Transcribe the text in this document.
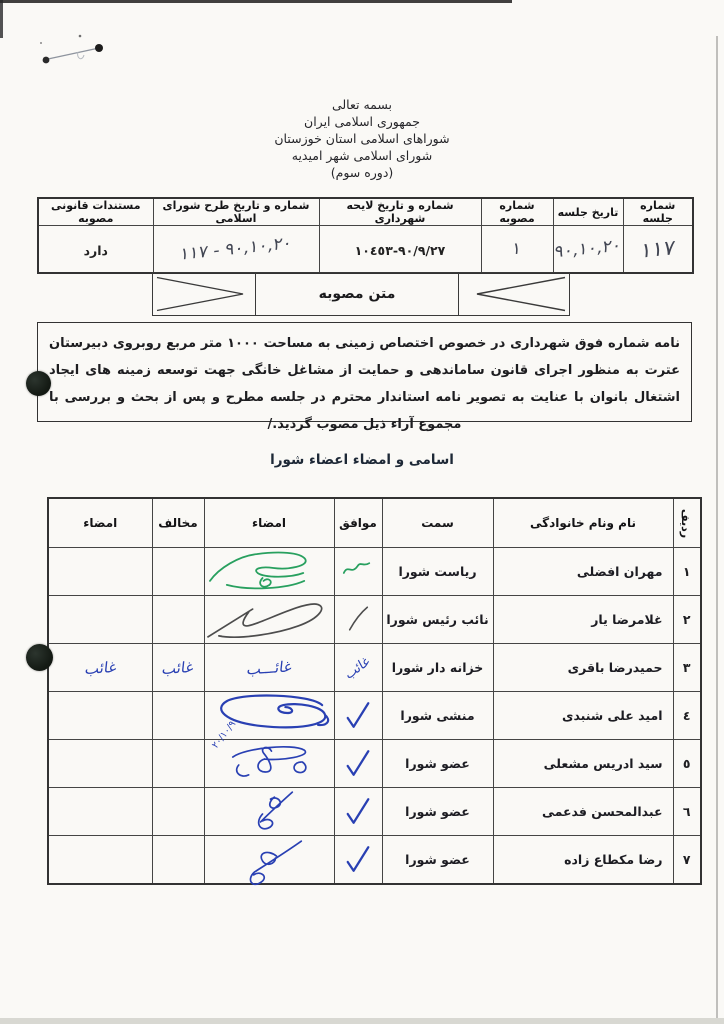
بسمه تعالی
جمهوری اسلامی ایران
شوراهای اسلامی استان خوزستان
شورای اسلامی شهر امیدیه
(دوره سوم)
شماره جلسه	تاریخ جلسه	شماره مصوبه	شماره و تاریخ لایحه شهرداری	شماره و تاریخ طرح شورای اسلامی	مستندات قانونی مصوبه
١١٧	٩٠,١٠,٢٠	١	٩٠/٩/٢٧-١٠٤٥٣	٩٠,١٠,٢٠ - ١١٧	دارد
متن مصوبه

نامه شماره فوق شهرداری در خصوص اختصاص زمینی به مساحت ١٠٠٠ متر مربع روبروی دبیرستان عترت به منظور اجرای قانون ساماندهی و حمایت از مشاغل خانگی جهت توسعه زمینه های ایجاد اشتغال بانوان با عنایت به تصویر نامه استاندار محترم در جلسه مطرح و پس از بحث و بررسی با مجموع آراء ذیل مصوب گردید./

اسامی و امضاء اعضاء شورا
ردیف	نام ونام خانوادگی	سمت	موافق	امضاء	مخالف	امضاء
١	مهران افضلی	ریاست شورا	

٢	غلامرضا یار	نائب رئیس شورا	

٣	حمیدرضا باقری	خزانه دار شورا	غائب	غائـــب	غائب	غائب
٤	امید علی شنبدی	منشی شورا	

٥	سید ادریس مشعلی	عضو شورا		٢٠/١٠/٩٠		

٦	عبدالمحسن فدعمی	عضو شورا	

٧	رضا مکطاع زاده	عضو شورا	
